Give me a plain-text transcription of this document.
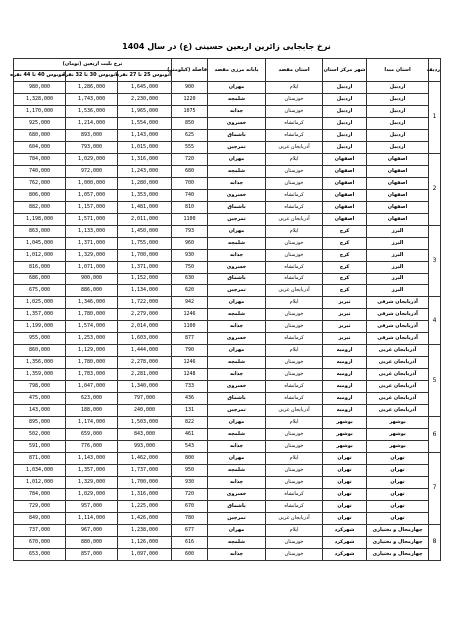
نرخ جابجایی زائرین اربعین حسینی (ع) در سال 1404
ردیف	استان مبدا	شهر مرکز استان	استان مقصد	پایانه مرزی مقصد	فاصله (کیلومتر)	نرخ بلیت اربعین (تومان)		
						اتوبوس 25 تا 27 نفره	اتوبوس 30 تا 32 نفره	اتوبوس 40 تا 44 نفره
1	اردبیل	اردبیل	ایلام	مهران	900	1,645,000	1,286,000	980,000
	اردبیل	اردبیل	خوزستان	شلمچه	1220	2,230,000	1,743,000	1,328,000
	اردبیل	اردبیل	خوزستان	چذابه	1075	1,965,000	1,536,000	1,170,000
	اردبیل	اردبیل	کرمانشاه	خسروی	850	1,554,000	1,214,000	925,000
	اردبیل	اردبیل	کرمانشاه	باشماق	625	1,143,000	893,000	680,000
	اردبیل	اردبیل	آذربایجان غربی	تمرچین	555	1,015,000	793,000	604,000
2	اصفهان	اصفهان	ایلام	مهران	720	1,316,000	1,029,000	784,000
	اصفهان	اصفهان	خوزستان	شلمچه	680	1,243,000	972,000	740,000
	اصفهان	اصفهان	خوزستان	چذابه	700	1,280,000	1,000,000	762,000
	اصفهان	اصفهان	کرمانشاه	خسروی	740	1,353,000	1,057,000	806,000
	اصفهان	اصفهان	کرمانشاه	باشماق	810	1,481,000	1,157,000	882,000
	اصفهان	اصفهان	آذربایجان غربی	تمرچین	1100	2,011,000	1,571,000	1,198,000
3	البرز	کرج	ایلام	مهران	793	1,450,000	1,133,000	863,000
	البرز	کرج	خوزستان	شلمچه	960	1,755,000	1,371,000	1,045,000
	البرز	کرج	خوزستان	چذابه	930	1,700,000	1,329,000	1,012,000
	البرز	کرج	کرمانشاه	خسروی	750	1,371,000	1,071,000	816,000
	البرز	کرج	کرمانشاه	باشماق	630	1,152,000	900,000	686,000
	البرز	کرج	آذربایجان غربی	تمرچین	620	1,134,000	886,000	675,000
4	آذربایجان شرقی	تبریز	ایلام	مهران	942	1,722,000	1,346,000	1,025,000
	آذربایجان شرقی	تبریز	خوزستان	شلمچه	1246	2,279,000	1,780,000	1,357,000
	آذربایجان شرقی	تبریز	خوزستان	چذابه	1100	2,014,000	1,574,000	1,199,000
	آذربایجان شرقی	تبریز	کرمانشاه	خسروی	877	1,603,000	1,253,000	955,000
5	آذربایجان غربی	ارومیه	ایلام	مهران	790	1,444,000	1,129,000	860,000
	آذربایجان غربی	ارومیه	خوزستان	شلمچه	1246	2,278,000	1,780,000	1,356,000
	آذربایجان غربی	ارومیه	خوزستان	چذابه	1248	2,281,000	1,783,000	1,359,000
	آذربایجان غربی	ارومیه	کرمانشاه	خسروی	733	1,340,000	1,047,000	798,000
	آذربایجان غربی	ارومیه	کرمانشاه	باشماق	436	797,000	623,000	475,000
	آذربایجان غربی	ارومیه	آذربایجان غربی	تمرچین	131	240,000	188,000	143,000
6	بوشهر	بوشهر	ایلام	مهران	822	1,503,000	1,174,000	895,000
	بوشهر	بوشهر	خوزستان	شلمچه	461	843,000	659,000	502,000
	بوشهر	بوشهر	خوزستان	چذابه	543	993,000	776,000	591,000
7	تهران	تهران	ایلام	مهران	800	1,462,000	1,143,000	871,000
	تهران	تهران	خوزستان	شلمچه	950	1,737,000	1,357,000	1,034,000
	تهران	تهران	خوزستان	چذابه	930	1,700,000	1,329,000	1,012,000
	تهران	تهران	کرمانشاه	خسروی	720	1,316,000	1,029,000	784,000
	تهران	تهران	کرمانشاه	باشماق	670	1,225,000	957,000	729,000
	تهران	تهران	آذربایجان غربی	تمرچین	780	1,426,000	1,114,000	849,000
8	چهارمحال و بختیاری	شهرکرد	ایلام	مهران	677	1,238,000	967,000	737,000
	چهارمحال و بختیاری	شهرکرد	خوزستان	شلمچه	616	1,126,000	880,000	670,000
	چهارمحال و بختیاری	شهرکرد	خوزستان	چذابه	600	1,097,000	857,000	653,000
